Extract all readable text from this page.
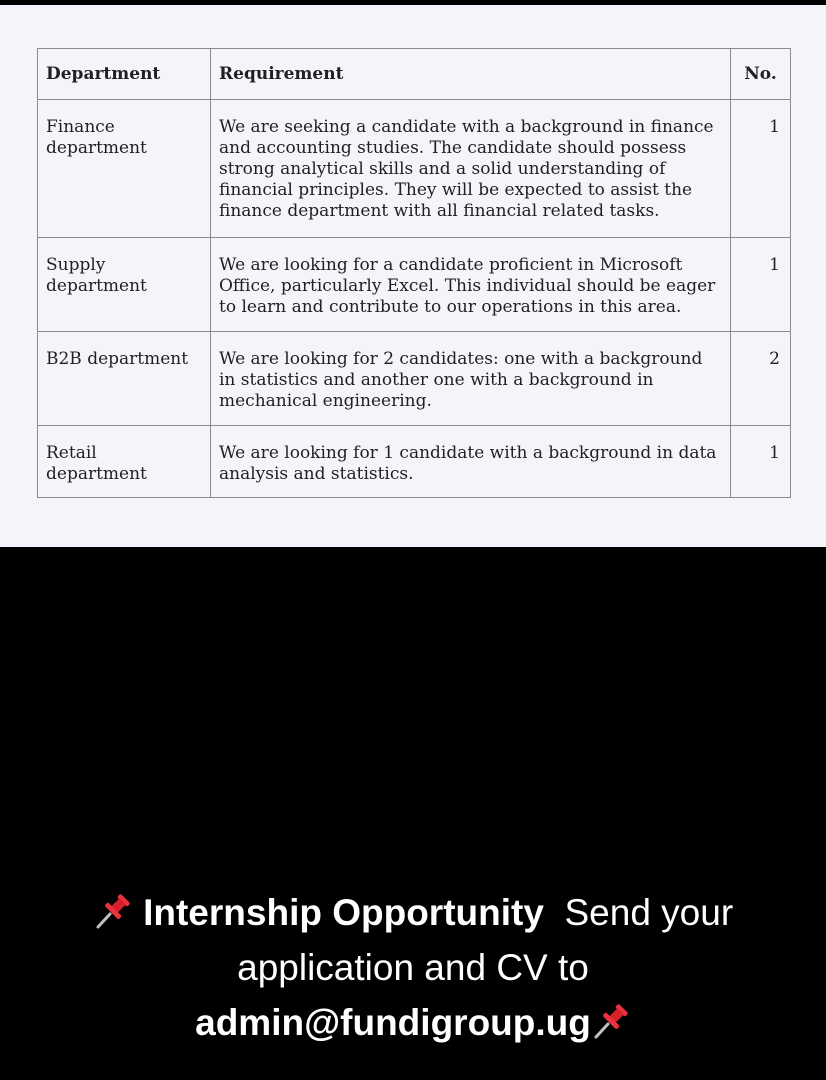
Department	Requirement	No.
Finance department	We are seeking a candidate with a background in finance and accounting studies. The candidate should possess strong analytical skills and a solid understanding of financial principles. They will be expected to assist the finance department with all financial related tasks.	1
Supply department	We are looking for a candidate proficient in Microsoft Office, particularly Excel. This individual should be eager to learn and contribute to our operations in this area.	1
B2B department	We are looking for 2 candidates: one with a background in statistics and another one with a background in mechanical engineering.	2
Retail department	We are looking for 1 candidate with a background in data analysis and statistics.	1
Internship Opportunity Send your
application and CV to
admin@fundigroup.ug
